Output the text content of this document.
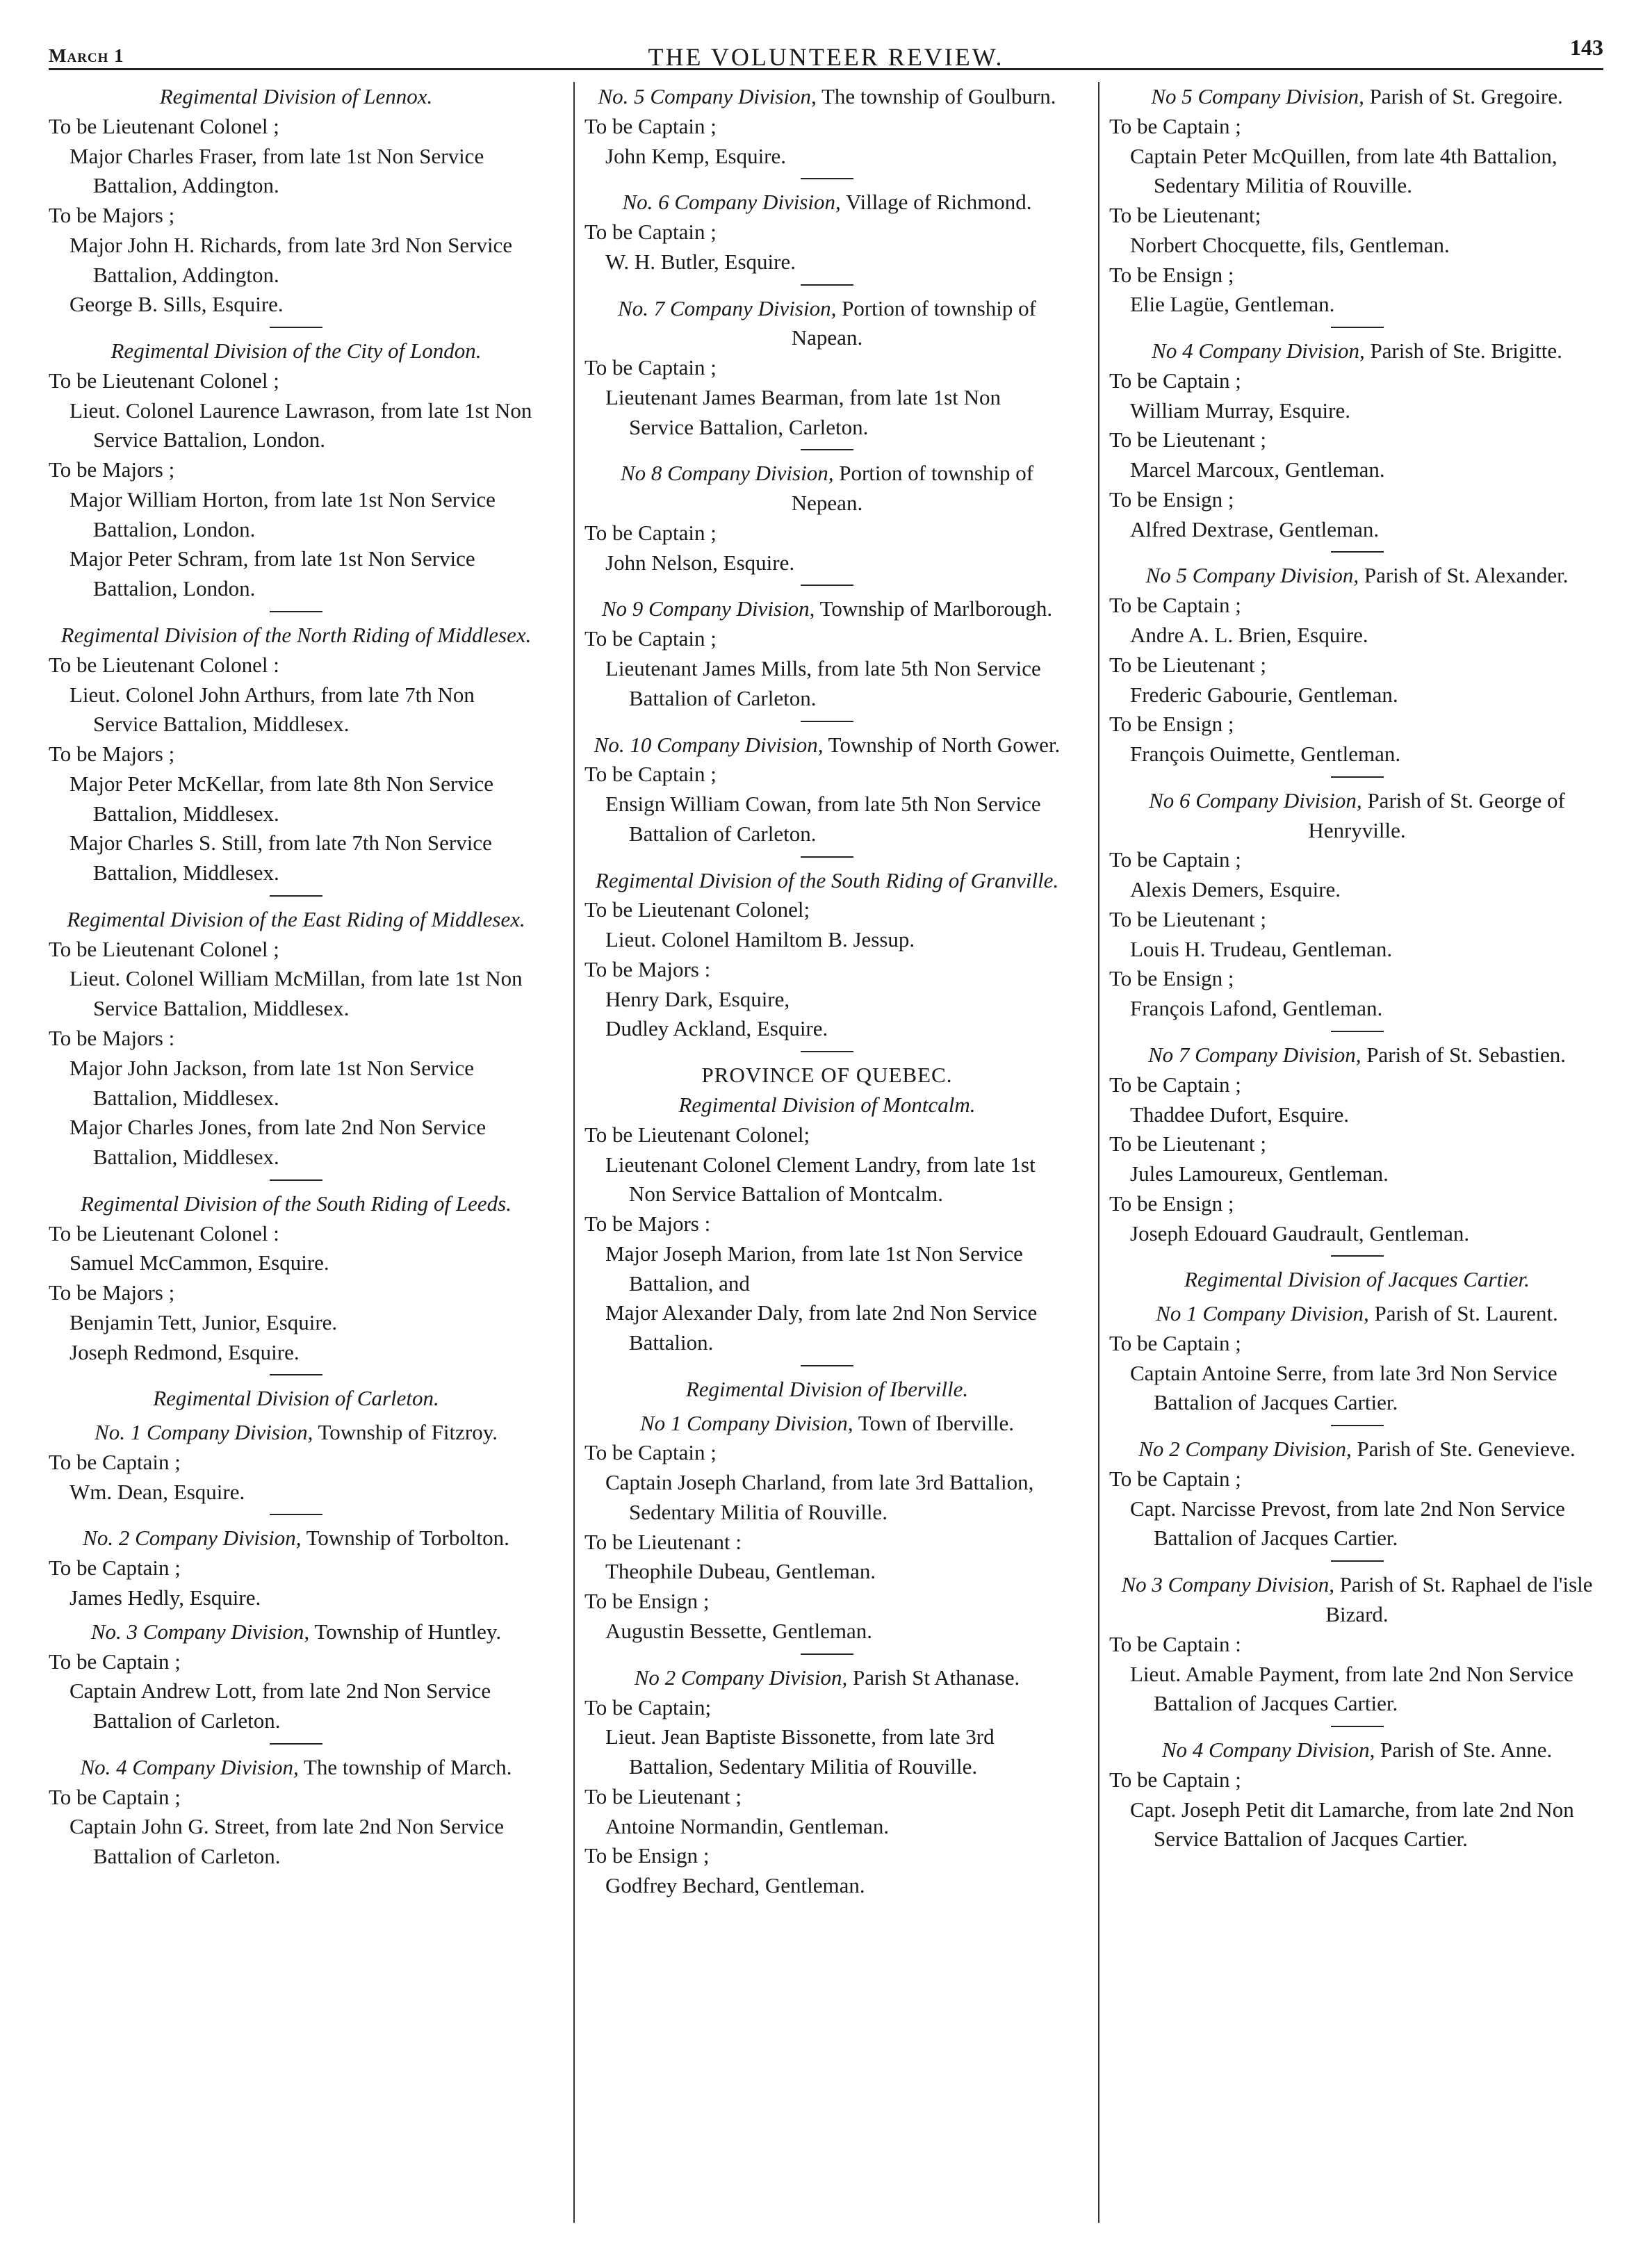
March 1	THE VOLUNTEER REVIEW.	143
Regimental Division of Lennox.
To be Lieutenant Colonel ;
Major Charles Fraser, from late 1st Non Service Battalion, Addington.
To be Majors ;
Major John H. Richards, from late 3rd Non Service Battalion, Addington.
George B. Sills, Esquire.
Regimental Division of the City of London.
To be Lieutenant Colonel ;
Lieut. Colonel Laurence Lawrason, from late 1st Non Service Battalion, London.
To be Majors ;
Major William Horton, from late 1st Non Service Battalion, London.
Major Peter Schram, from late 1st Non Service Battalion, London.
Regimental Division of the North Riding of Middlesex.
To be Lieutenant Colonel :
Lieut. Colonel John Arthurs, from late 7th Non Service Battalion, Middlesex.
To be Majors ;
Major Peter McKellar, from late 8th Non Service Battalion, Middlesex.
Major Charles S. Still, from late 7th Non Service Battalion, Middlesex.
Regimental Division of the East Riding of Middlesex.
To be Lieutenant Colonel ;
Lieut. Colonel William McMillan, from late 1st Non Service Battalion, Middlesex.
To be Majors :
Major John Jackson, from late 1st Non Service Battalion, Middlesex.
Major Charles Jones, from late 2nd Non Service Battalion, Middlesex.
Regimental Division of the South Riding of Leeds.
To be Lieutenant Colonel :
Samuel McCammon, Esquire.
To be Majors ;
Benjamin Tett, Junior, Esquire.
Joseph Redmond, Esquire.
Regimental Division of Carleton.
No. 1 Company Division, Township of Fitzroy.
To be Captain ;
Wm. Dean, Esquire.
No. 2 Company Division, Township of Torbolton.
To be Captain ;
James Hedly, Esquire.
No. 3 Company Division, Township of Huntley.
To be Captain ;
Captain Andrew Lott, from late 2nd Non Service Battalion of Carleton.
No. 4 Company Division, The township of March.
To be Captain ;
Captain John G. Street, from late 2nd Non Service Battalion of Carleton.
No. 5 Company Division, The township of Goulburn.
To be Captain ;
John Kemp, Esquire.
No. 6 Company Division, Village of Richmond.
To be Captain ;
W. H. Butler, Esquire.
No. 7 Company Division, Portion of township of Napean.
To be Captain ;
Lieutenant James Bearman, from late 1st Non Service Battalion, Carleton.
No 8 Company Division, Portion of township of Nepean.
To be Captain ;
John Nelson, Esquire.
No 9 Company Division, Township of Marlborough.
To be Captain ;
Lieutenant James Mills, from late 5th Non Service Battalion of Carleton.
No. 10 Company Division, Township of North Gower.
To be Captain ;
Ensign William Cowan, from late 5th Non Service Battalion of Carleton.
Regimental Division of the South Riding of Granville.
To be Lieutenant Colonel;
Lieut. Colonel Hamiltom B. Jessup.
To be Majors :
Henry Dark, Esquire,
Dudley Ackland, Esquire.
PROVINCE OF QUEBEC.
Regimental Division of Montcalm.
To be Lieutenant Colonel;
Lieutenant Colonel Clement Landry, from late 1st Non Service Battalion of Montcalm.
To be Majors :
Major Joseph Marion, from late 1st Non Service Battalion, and
Major Alexander Daly, from late 2nd Non Service Battalion.
Regimental Division of Iberville.
No 1 Company Division, Town of Iberville.
To be Captain ;
Captain Joseph Charland, from late 3rd Battalion, Sedentary Militia of Rouville.
To be Lieutenant :
Theophile Dubeau, Gentleman.
To be Ensign ;
Augustin Bessette, Gentleman.
No 2 Company Division, Parish St Athanase.
To be Captain;
Lieut. Jean Baptiste Bissonette, from late 3rd Battalion, Sedentary Militia of Rouville.
To be Lieutenant ;
Antoine Normandin, Gentleman.
To be Ensign ;
Godfrey Bechard, Gentleman.
No 5 Company Division, Parish of St. Gregoire.
To be Captain ;
Captain Peter McQuillen, from late 4th Battalion, Sedentary Militia of Rouville.
To be Lieutenant;
Norbert Chocquette, fils, Gentleman.
To be Ensign ;
Elie Lagüe, Gentleman.
No 4 Company Division, Parish of Ste. Brigitte.
To be Captain ;
William Murray, Esquire.
To be Lieutenant ;
Marcel Marcoux, Gentleman.
To be Ensign ;
Alfred Dextrase, Gentleman.
No 5 Company Division, Parish of St. Alexander.
To be Captain ;
Andre A. L. Brien, Esquire.
To be Lieutenant ;
Frederic Gabourie, Gentleman.
To be Ensign ;
François Ouimette, Gentleman.
No 6 Company Division, Parish of St. George of Henryville.
To be Captain ;
Alexis Demers, Esquire.
To be Lieutenant ;
Louis H. Trudeau, Gentleman.
To be Ensign ;
François Lafond, Gentleman.
No 7 Company Division, Parish of St. Sebastien.
To be Captain ;
Thaddee Dufort, Esquire.
To be Lieutenant ;
Jules Lamoureux, Gentleman.
To be Ensign ;
Joseph Edouard Gaudrault, Gentleman.
Regimental Division of Jacques Cartier.
No 1 Company Division, Parish of St. Laurent.
To be Captain ;
Captain Antoine Serre, from late 3rd Non Service Battalion of Jacques Cartier.
No 2 Company Division, Parish of Ste. Genevieve.
To be Captain ;
Capt. Narcisse Prevost, from late 2nd Non Service Battalion of Jacques Cartier.
No 3 Company Division, Parish of St. Raphael de l'isle Bizard.
To be Captain :
Lieut. Amable Payment, from late 2nd Non Service Battalion of Jacques Cartier.
No 4 Company Division, Parish of Ste. Anne.
To be Captain ;
Capt. Joseph Petit dit Lamarche, from late 2nd Non Service Battalion of Jacques Cartier.
